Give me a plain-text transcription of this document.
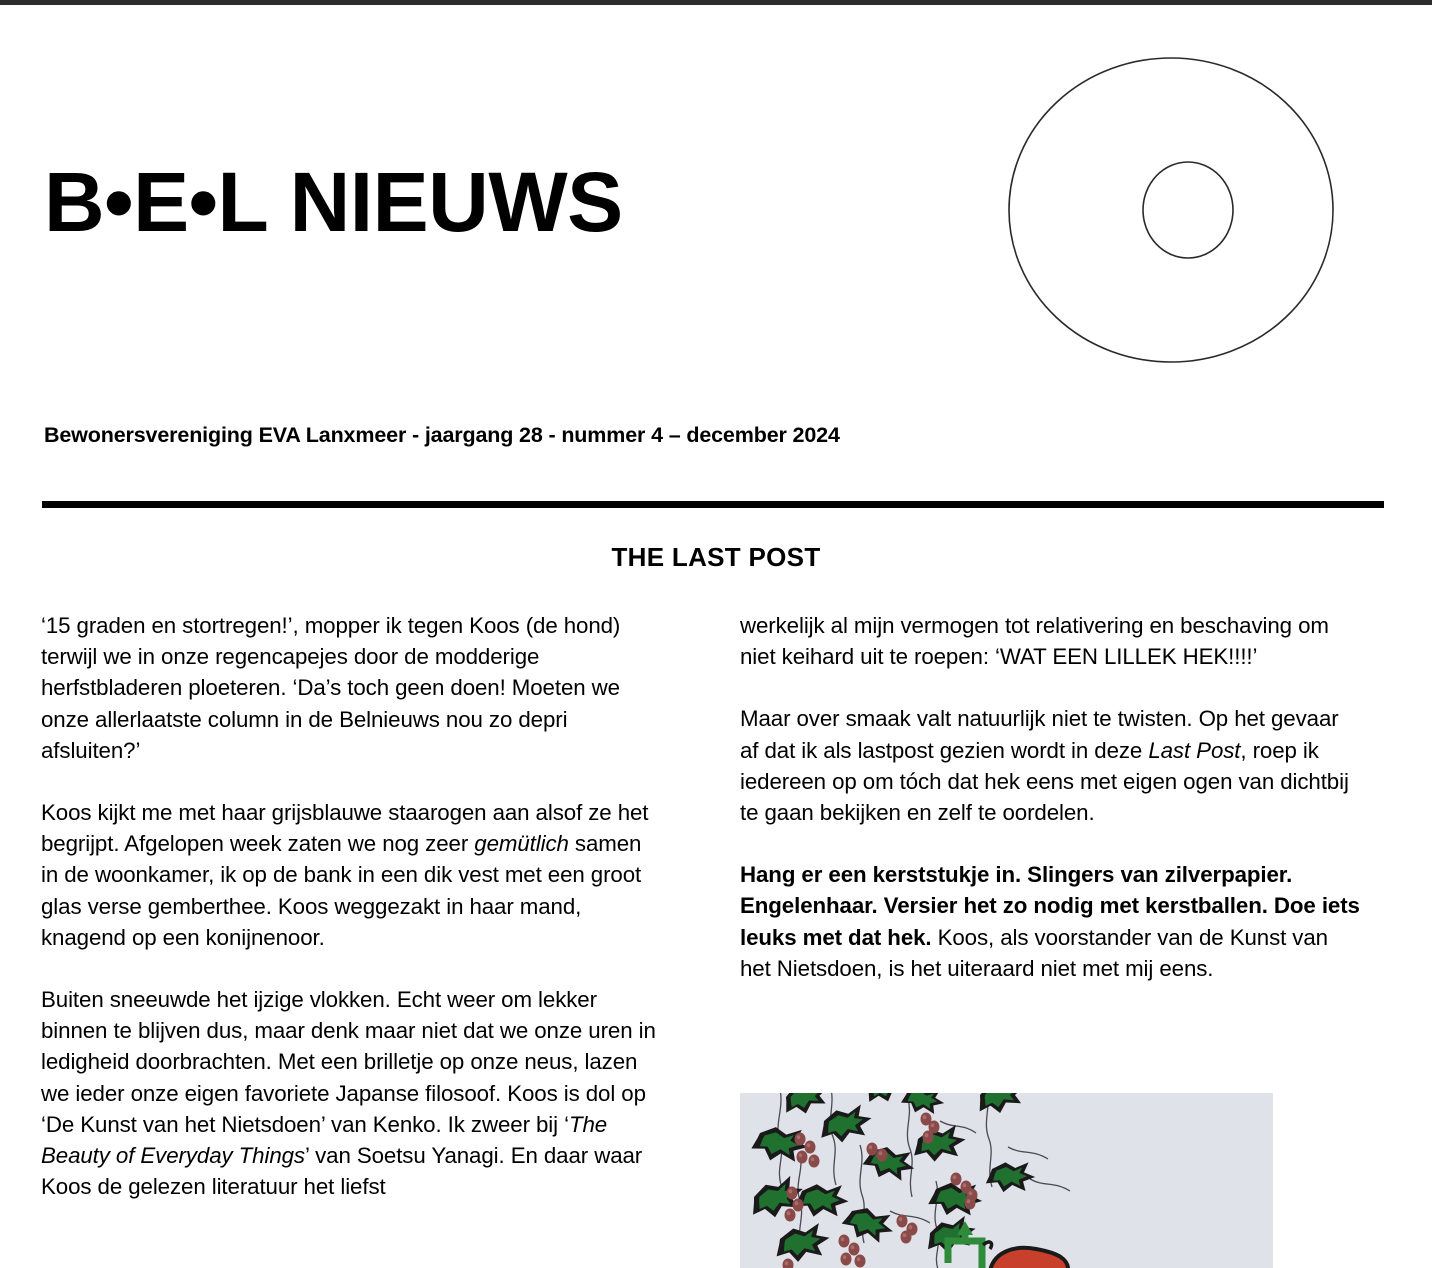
B•E•L NIEUWS
Bewonersvereniging EVA Lanxmeer - jaargang 28 - nummer 4 – december 2024
THE LAST POST

‘15 graden en stortregen!’, mopper ik tegen Koos (de hond) terwijl we in onze regencapejes door de modderige herfstbladeren ploeteren. ‘Da’s toch geen doen! Moeten we onze allerlaatste column in de Belnieuws nou zo depri afsluiten?’

Koos kijkt me met haar grijsblauwe staarogen aan alsof ze het begrijpt. Afgelopen week zaten we nog zeer gemütlich samen in de woonkamer, ik op de bank in een dik vest met een groot glas verse gemberthee. Koos weggezakt in haar mand, knagend op een konijnenoor.

Buiten sneeuwde het ijzige vlokken. Echt weer om lekker binnen te blijven dus, maar denk maar niet dat we onze uren in ledigheid doorbrachten. Met een brilletje op onze neus, lazen we ieder onze eigen favoriete Japanse filosoof. Koos is dol op ‘De Kunst van het Nietsdoen’ van Kenko. Ik zweer bij ‘The Beauty of Everyday Things’ van Soetsu Yanagi. En daar waar Koos de gelezen literatuur het liefst

werkelijk al mijn vermogen tot relativering en beschaving om niet keihard uit te roepen: ‘WAT EEN LILLEK HEK!!!!’

Maar over smaak valt natuurlijk niet te twisten. Op het gevaar af dat ik als lastpost gezien wordt in deze Last Post, roep ik iedereen op om tóch dat hek eens met eigen ogen van dichtbij te gaan bekijken en zelf te oordelen.

Hang er een kerststukje in. Slingers van zilverpapier. Engelenhaar. Versier het zo nodig met kerstballen. Doe iets leuks met dat hek. Koos, als voorstander van de Kunst van het Nietsdoen, is het uiteraard niet met mij eens.
